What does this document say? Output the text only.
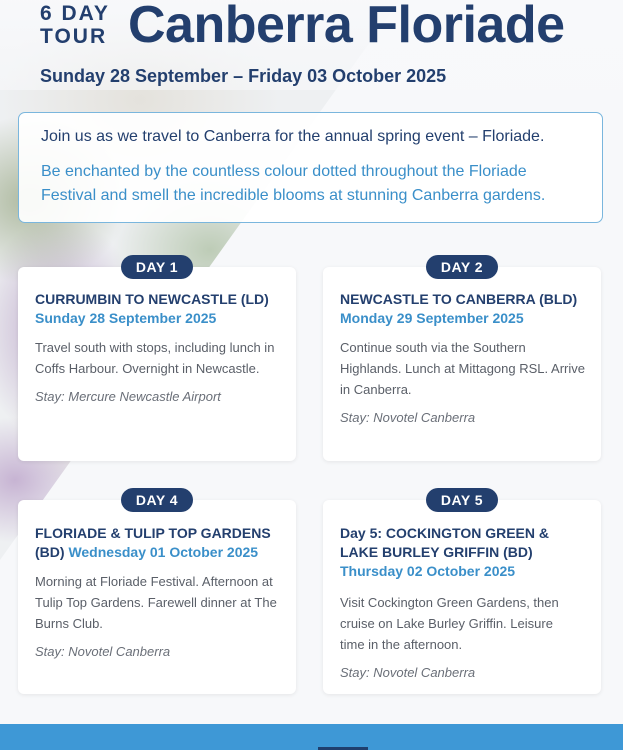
6 DAY
TOUR Canberra Floriade
Sunday 28 September – Friday 03 October 2025

Join us as we travel to Canberra for the annual spring event – Floriade.

Be enchanted by the countless colour dotted throughout the Floriade Festival and smell the incredible blooms at stunning Canberra gardens.

DAY 1
CURRUMBIN TO NEWCASTLE (LD)
Sunday 28 September 2025
Travel south with stops, including lunch in Coffs Harbour. Overnight in Newcastle.
Stay: Mercure Newcastle Airport
DAY 2
NEWCASTLE TO CANBERRA (BLD)
Monday 29 September 2025
Continue south via the Southern Highlands. Lunch at Mittagong RSL. Arrive in Canberra.
Stay: Novotel Canberra
DAY 4
FLORIADE & TULIP TOP GARDENS (BD) Wednesday 01 October 2025
Morning at Floriade Festival. Afternoon at Tulip Top Gardens. Farewell dinner at The Burns Club.
Stay: Novotel Canberra
DAY 5
Day 5: COCKINGTON GREEN & LAKE BURLEY GRIFFIN (BD)
Thursday 02 October 2025
Visit Cockington Green Gardens, then cruise on Lake Burley Griffin. Leisure time in the afternoon.
Stay: Novotel Canberra
